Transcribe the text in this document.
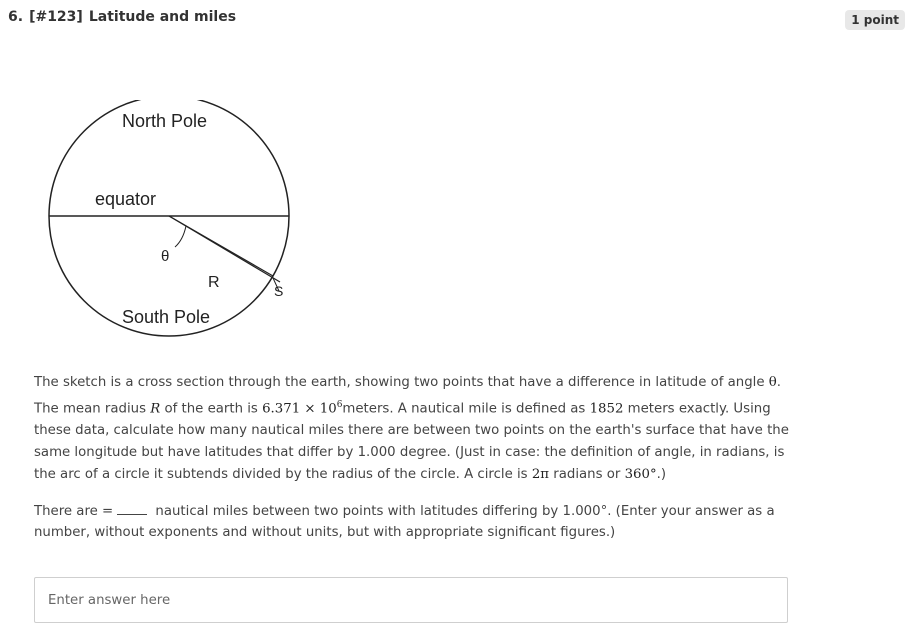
6. [#123] Latitude and miles	1 point
North Pole
equator
θ
R	S
South Pole

The sketch is a cross section through the earth, showing two points that have a difference in latitude of angle θ. The mean radius R of the earth is $6.371 \times 10^6meters$. A nautical mile is defined as 1852 meters exactly. Using these data, calculate how many nautical miles there are between two points on the earth's surface that have the same longitude but have latitudes that differ by 1.000 degree. (Just in case: the definition of angle, in radians, is the arc of a circle it subtends divided by the radius of the circle. A circle is 2π radians or 360°.)

There are =	nautical miles between two points with latitudes differing by 1.000°. (Enter your answer as a number, without exponents and without units, but with appropriate significant figures.)
Enter answer here
